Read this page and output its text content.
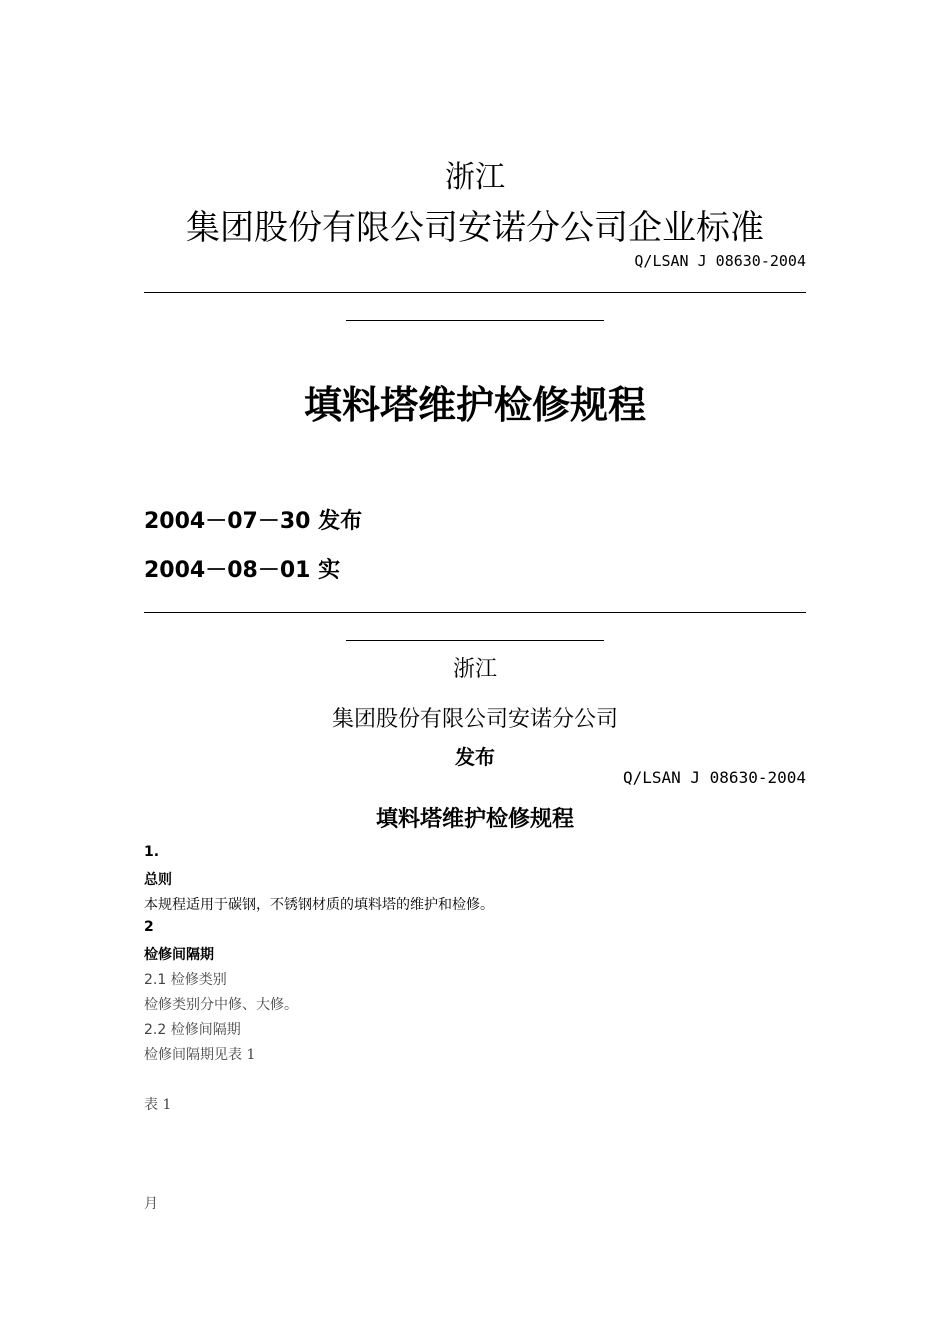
浙江
集团股份有限公司安诺分公司企业标准
Q/LSAN J 08630-2004
填料塔维护检修规程
2004－07－30 发布
2004－08－01 实
浙江
集团股份有限公司安诺分公司
发布
Q/LSAN J 08630-2004
填料塔维护检修规程
1.
总则
本规程适用于碳钢，不锈钢材质的填料塔的维护和检修。
2
检修间隔期
2.1 检修类别
检修类别分中修、大修。
2.2 检修间隔期
检修间隔期见表 1
表 1
月
